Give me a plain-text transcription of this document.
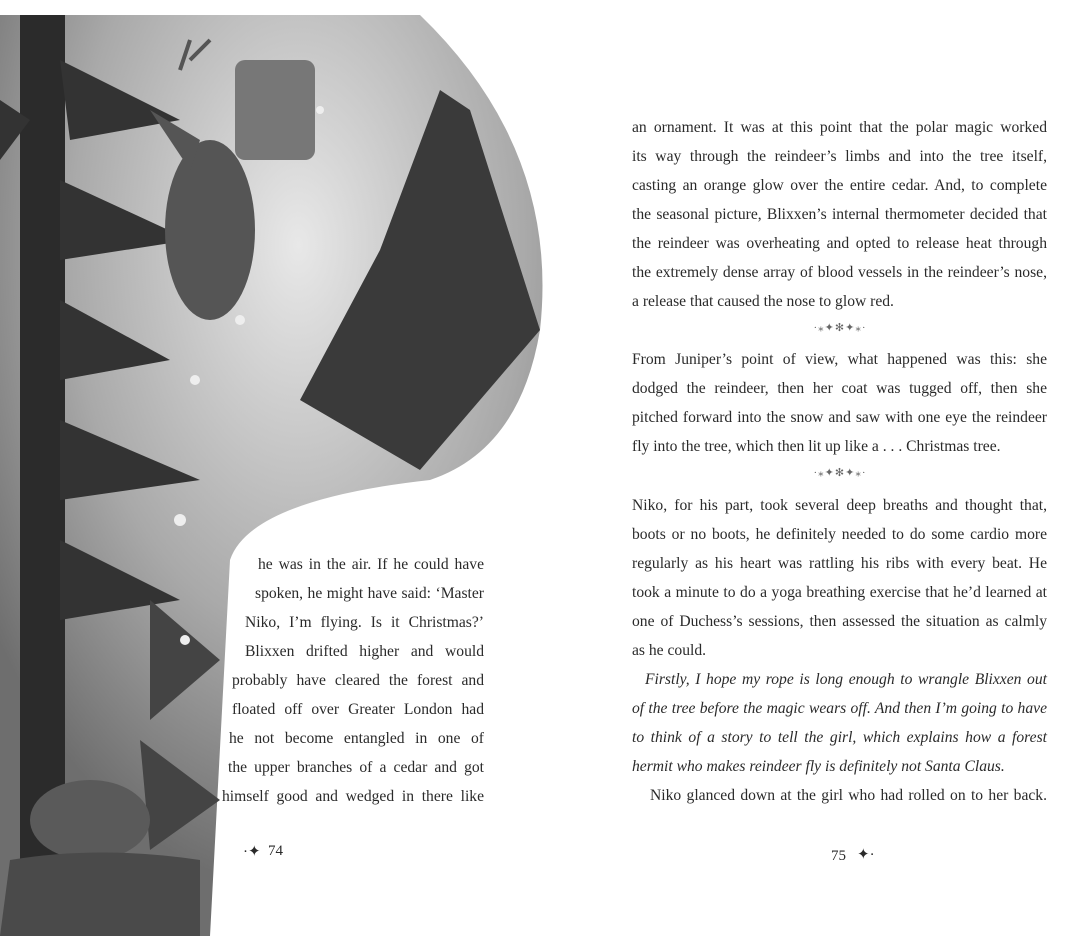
he was in the air. If he could have
spoken, he might have said: ‘Master
Niko, I’m flying. Is it Christmas?’
Blixxen drifted higher and would
probably have cleared the forest and
floated off over Greater London had
he not become entangled in one of
the upper branches of a cedar and got
himself good and wedged in there like
·✦ 74
an ornament. It was at this point that the polar magic worked
its way through the reindeer’s limbs and into the tree itself,
casting an orange glow over the entire cedar. And, to complete
the seasonal picture, Blixxen’s internal thermometer decided that
the reindeer was overheating and opted to release heat through
the extremely dense array of blood vessels in the reindeer’s nose,
a release that caused the nose to glow red.
·⁎✦✻✦⁎·
From Juniper’s point of view, what happened was this: she
dodged the reindeer, then her coat was tugged off, then she
pitched forward into the snow and saw with one eye the reindeer
fly into the tree, which then lit up like a . . . Christmas tree.
·⁎✦✻✦⁎·
Niko, for his part, took several deep breaths and thought that,
boots or no boots, he definitely needed to do some cardio more
regularly as his heart was rattling his ribs with every beat. He
took a minute to do a yoga breathing exercise that he’d learned at
one of Duchess’s sessions, then assessed the situation as calmly
as he could.
Firstly, I hope my rope is long enough to wrangle Blixxen out
of the tree before the magic wears off. And then I’m going to have
to think of a story to tell the girl, which explains how a forest
hermit who makes reindeer fly is definitely not Santa Claus.
Niko glanced down at the girl who had rolled on to her back.
75 ✦·
